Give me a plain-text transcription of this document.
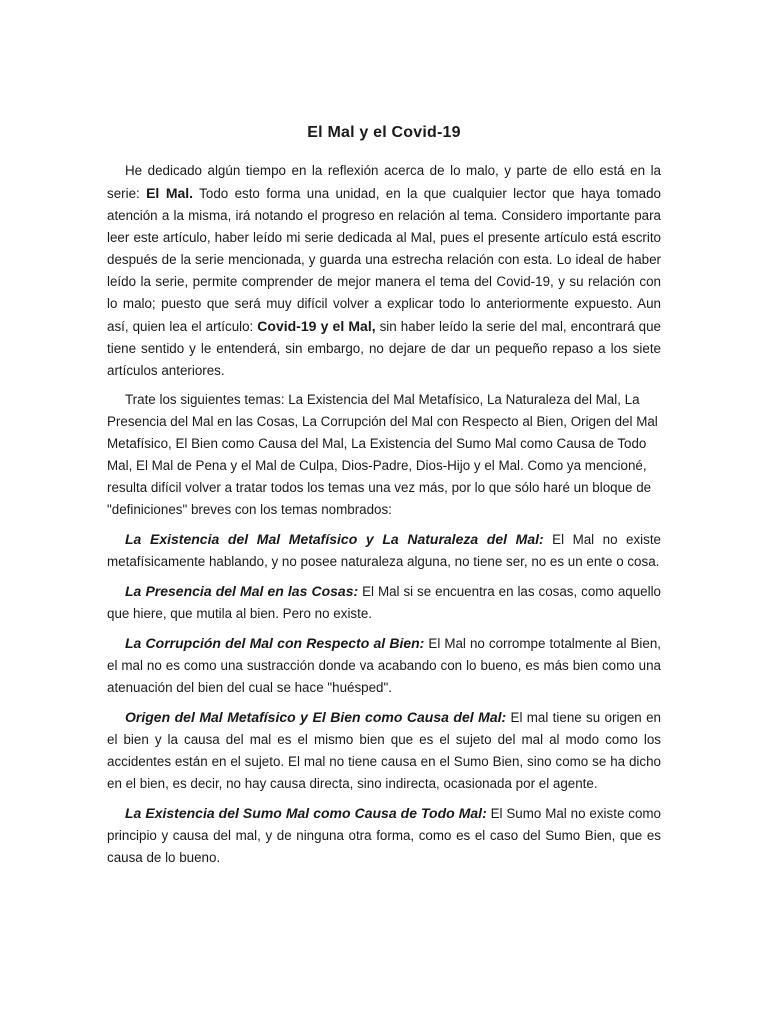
El Mal y el Covid-19

He dedicado algún tiempo en la reflexión acerca de lo malo, y parte de ello está en la serie: El Mal. Todo esto forma una unidad, en la que cualquier lector que haya tomado atención a la misma, irá notando el progreso en relación al tema. Considero importante para leer este artículo, haber leído mi serie dedicada al Mal, pues el presente artículo está escrito después de la serie mencionada, y guarda una estrecha relación con esta. Lo ideal de haber leído la serie, permite comprender de mejor manera el tema del Covid-19, y su relación con lo malo; puesto que será muy difícil volver a explicar todo lo anteriormente expuesto. Aun así, quien lea el artículo: Covid-19 y el Mal, sin haber leído la serie del mal, encontrará que tiene sentido y le entenderá, sin embargo, no dejare de dar un pequeño repaso a los siete artículos anteriores.

Trate los siguientes temas: La Existencia del Mal Metafísico, La Naturaleza del Mal, La Presencia del Mal en las Cosas, La Corrupción del Mal con Respecto al Bien, Origen del Mal Metafísico, El Bien como Causa del Mal, La Existencia del Sumo Mal como Causa de Todo Mal, El Mal de Pena y el Mal de Culpa, Dios-Padre, Dios-Hijo y el Mal. Como ya mencioné, resulta difícil volver a tratar todos los temas una vez más, por lo que sólo haré un bloque de "definiciones" breves con los temas nombrados:

La Existencia del Mal Metafísico y La Naturaleza del Mal: El Mal no existe metafísicamente hablando, y no posee naturaleza alguna, no tiene ser, no es un ente o cosa.

La Presencia del Mal en las Cosas: El Mal si se encuentra en las cosas, como aquello que hiere, que mutila al bien. Pero no existe.

La Corrupción del Mal con Respecto al Bien: El Mal no corrompe totalmente al Bien, el mal no es como una sustracción donde va acabando con lo bueno, es más bien como una atenuación del bien del cual se hace "huésped".

Origen del Mal Metafísico y El Bien como Causa del Mal: El mal tiene su origen en el bien y la causa del mal es el mismo bien que es el sujeto del mal al modo como los accidentes están en el sujeto. El mal no tiene causa en el Sumo Bien, sino como se ha dicho en el bien, es decir, no hay causa directa, sino indirecta, ocasionada por el agente.

La Existencia del Sumo Mal como Causa de Todo Mal: El Sumo Mal no existe como principio y causa del mal, y de ninguna otra forma, como es el caso del Sumo Bien, que es causa de lo bueno.
